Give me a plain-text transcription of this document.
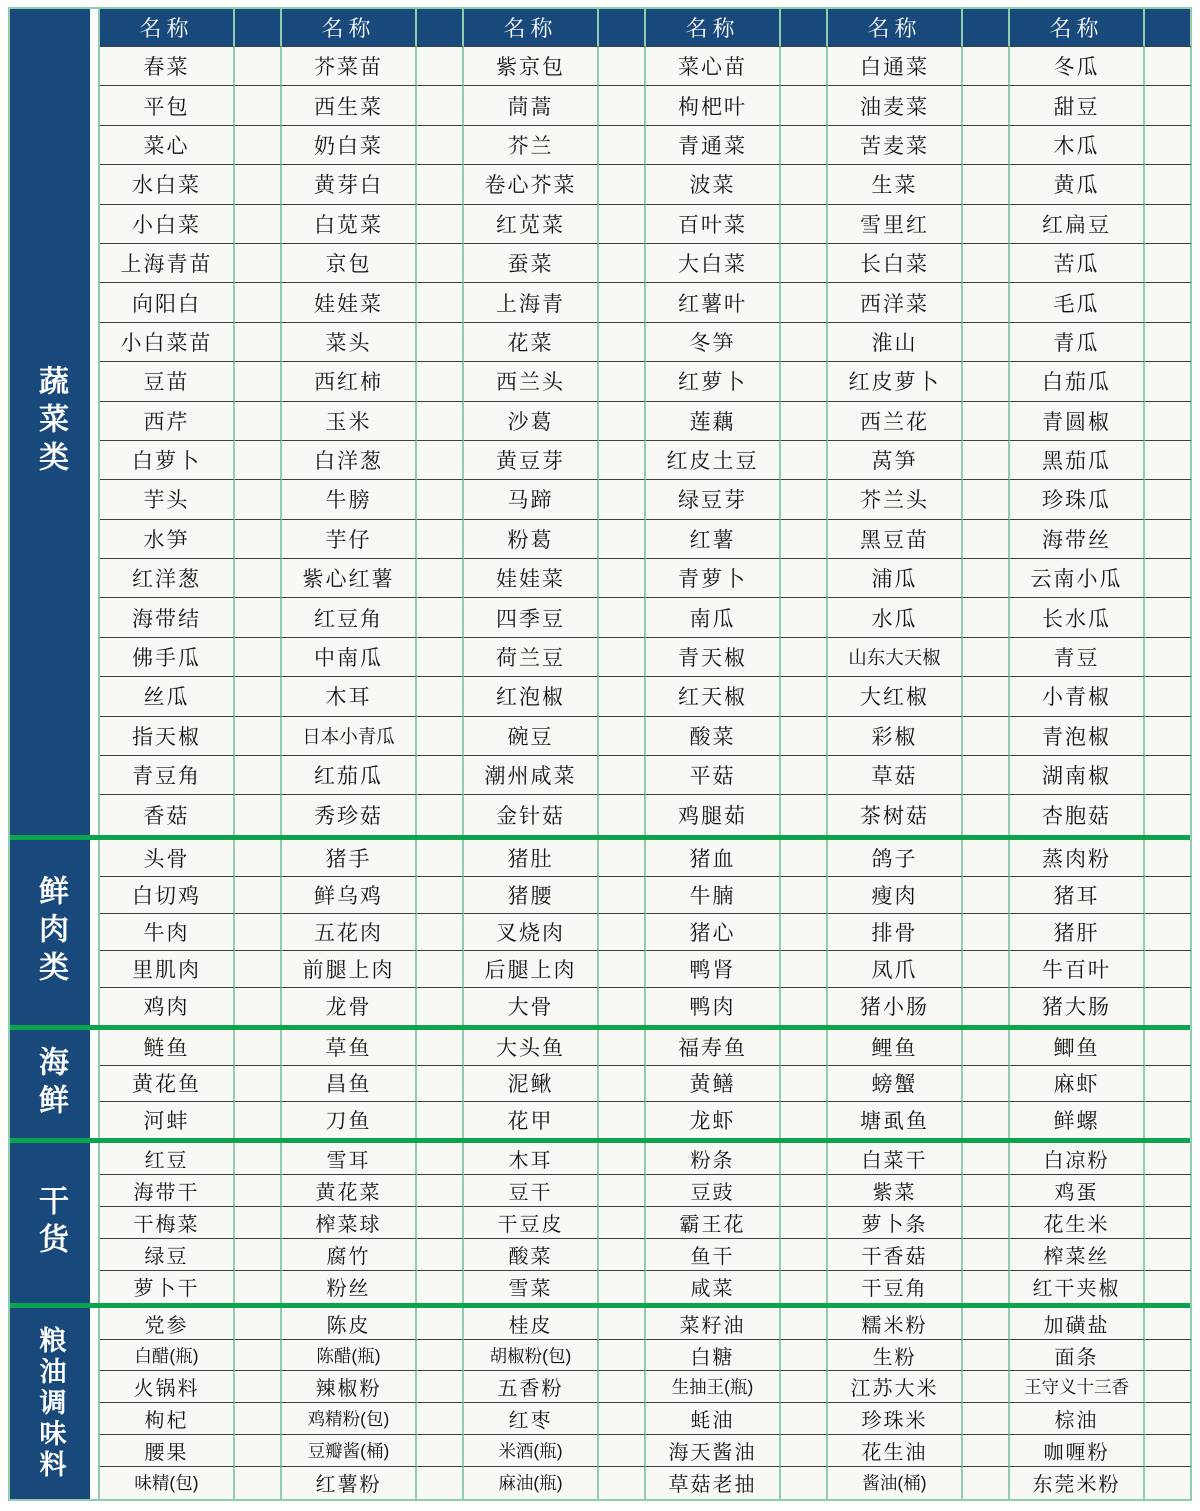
蔬菜类
名称	名称	名称	名称	名称	名称
春菜	芥菜苗	紫京包	菜心苗	白通菜	冬瓜
平包	西生菜	茼蒿	枸杷叶	油麦菜	甜豆
菜心	奶白菜	芥兰	青通菜	苦麦菜	木瓜
水白菜	黄芽白	卷心芥菜	波菜	生菜	黄瓜
小白菜	白苋菜	红苋菜	百叶菜	雪里红	红扁豆
上海青苗	京包	蚕菜	大白菜	长白菜	苦瓜
向阳白	娃娃菜	上海青	红薯叶	西洋菜	毛瓜
小白菜苗	菜头	花菜	冬笋	淮山	青瓜
豆苗	西红柿	西兰头	红萝卜	红皮萝卜	白茄瓜
西芹	玉米	沙葛	莲藕	西兰花	青圆椒
白萝卜	白洋葱	黄豆芽	红皮土豆	莴笋	黑茄瓜
芋头	牛膀	马蹄	绿豆芽	芥兰头	珍珠瓜
水笋	芋仔	粉葛	红薯	黑豆苗	海带丝
红洋葱	紫心红薯	娃娃菜	青萝卜	浦瓜	云南小瓜
海带结	红豆角	四季豆	南瓜	水瓜	长水瓜
佛手瓜	中南瓜	荷兰豆	青天椒	山东大天椒	青豆
丝瓜	木耳	红泡椒	红天椒	大红椒	小青椒
指天椒	日本小青瓜	碗豆	酸菜	彩椒	青泡椒
青豆角	红茄瓜	潮州咸菜	平菇	草菇	湖南椒
香菇	秀珍菇	金针菇	鸡腿茹	茶树菇	杏胞菇
鲜肉类
头骨	猪手	猪肚	猪血	鸽子	蒸肉粉
白切鸡	鲜乌鸡	猪腰	牛腩	瘦肉	猪耳
牛肉	五花肉	叉烧肉	猪心	排骨	猪肝
里肌肉	前腿上肉	后腿上肉	鸭肾	凤爪	牛百叶
鸡肉	龙骨	大骨	鸭肉	猪小肠	猪大肠
海鲜	鲢鱼	草鱼	大头鱼	福寿鱼	鲤鱼	鲫鱼
黄花鱼	昌鱼	泥鳅	黄鳝	螃蟹	麻虾
河蚌	刀鱼	花甲	龙虾	塘虱鱼	鲜螺
干货
红豆	雪耳	木耳	粉条	白菜干	白凉粉
海带干	黄花菜	豆干	豆豉	紫菜	鸡蛋
干梅菜	榨菜球	干豆皮	霸王花	萝卜条	花生米
绿豆	腐竹	酸菜	鱼干	干香菇	榨菜丝
萝卜干	粉丝	雪菜	咸菜	干豆角	红干夹椒
粮油调味料	党参	陈皮	桂皮	菜籽油	糯米粉	加磺盐
白醋(瓶)	陈醋(瓶)	胡椒粉(包)	白糖	生粉	面条
火锅料	辣椒粉	五香粉	生抽王(瓶)	江苏大米	王守义十三香
枸杞	鸡精粉(包)	红枣	蚝油	珍珠米	棕油
腰果	豆瓣酱(桶)	米酒(瓶)	海天酱油	花生油	咖喱粉
味精(包)	红薯粉	麻油(瓶)	草菇老抽	酱油(桶)	东莞米粉
